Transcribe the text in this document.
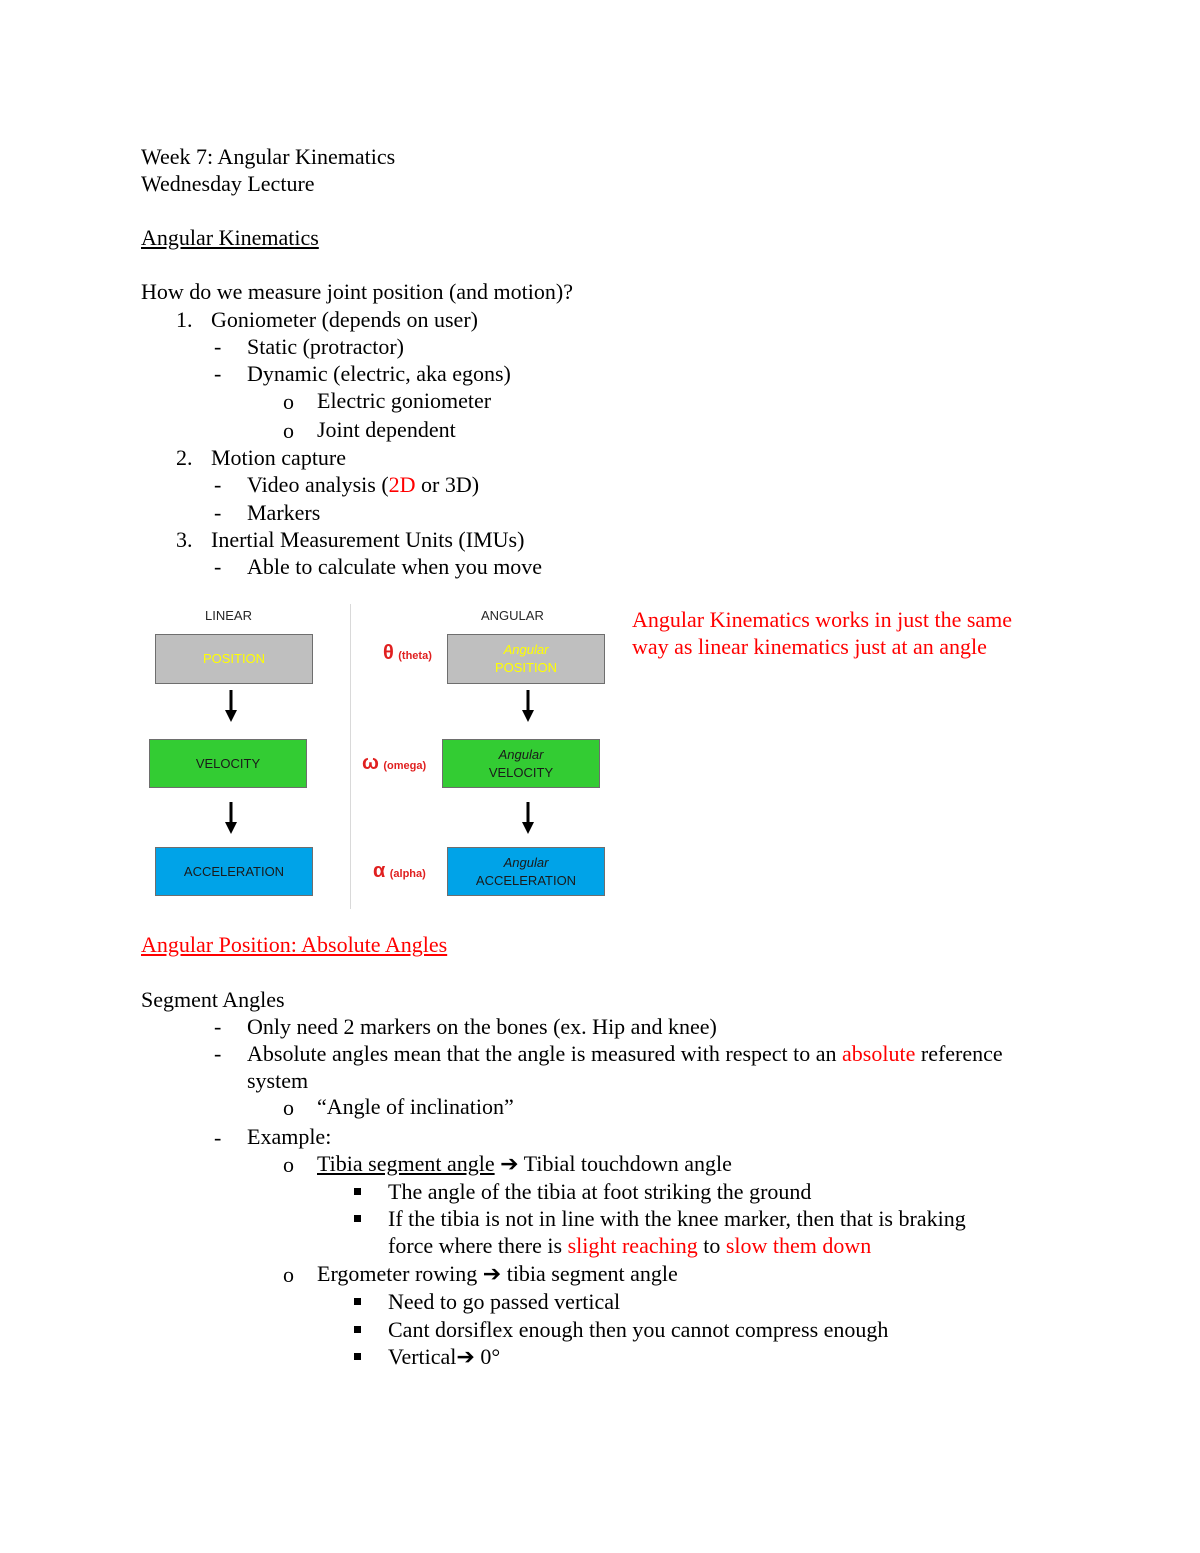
Week 7: Angular Kinematics
Wednesday Lecture
Angular Kinematics
How do we measure joint position (and motion)?
1. Goniometer (depends on user)
- Static (protractor)
- Dynamic (electric, aka egons)
o Electric goniometer
o Joint dependent
2. Motion capture
- Video analysis (2D or 3D)
- Markers
3. Inertial Measurement Units (IMUs)
- Able to calculate when you move
LINEAR	ANGULAR
POSITION
VELOCITY
ACCELERATION
Angular
POSITION
Angular
VELOCITY
Angular
ACCELERATION
θ (theta)
ω (omega)
α (alpha)
Angular Kinematics works in just the same
way as linear kinematics just at an angle
Angular Position: Absolute Angles
Segment Angles
- Only need 2 markers on the bones (ex. Hip and knee)
- Absolute angles mean that the angle is measured with respect to an absolute reference
system
o “Angle of inclination”
- Example:
o Tibia segment angle ➔ Tibial touchdown angle
The angle of the tibia at foot striking the ground
If the tibia is not in line with the knee marker, then that is braking
force where there is slight reaching to slow them down
o Ergometer rowing ➔ tibia segment angle
Need to go passed vertical
Cant dorsiflex enough then you cannot compress enough
Vertical➔ 0°
